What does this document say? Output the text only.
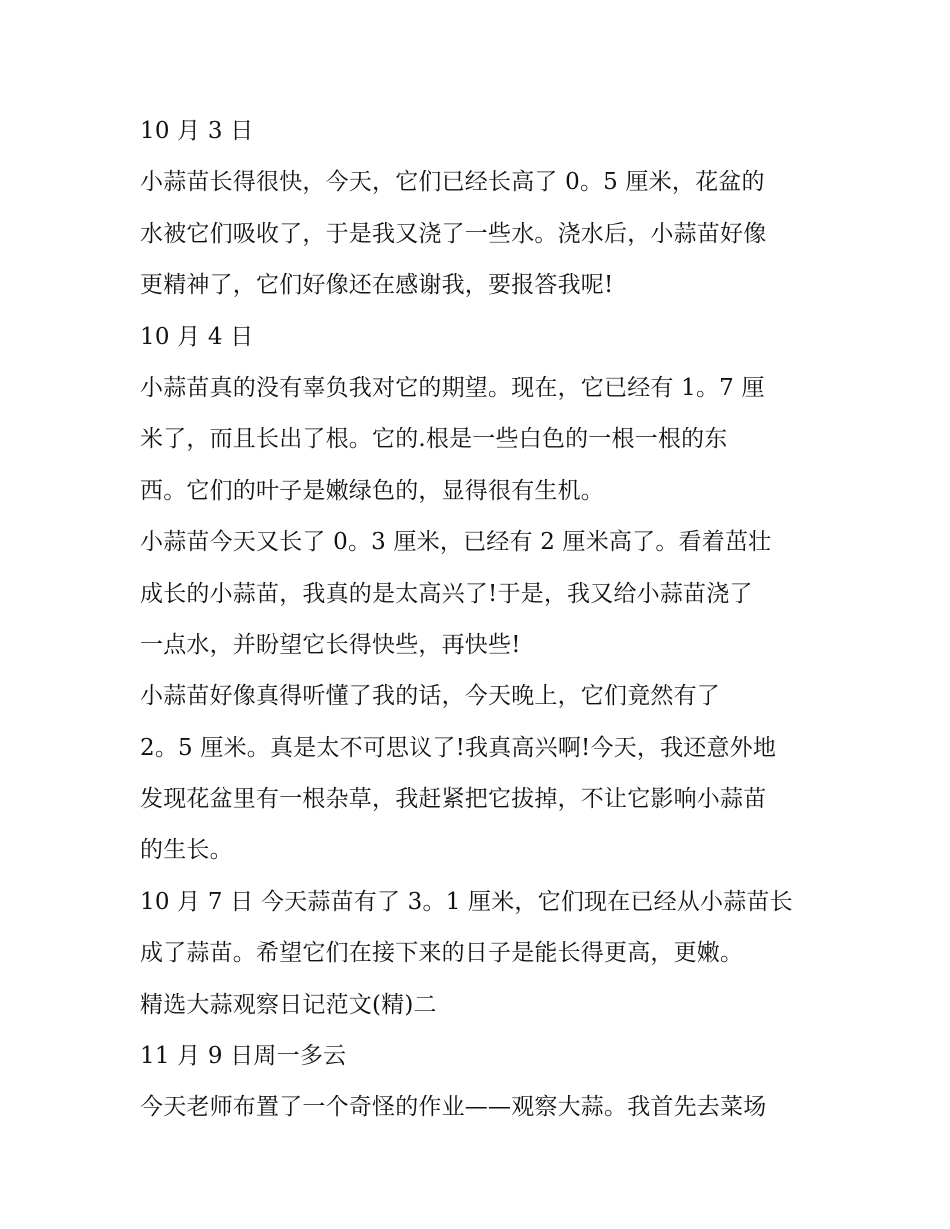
10 月 3 日
小蒜苗长得很快，今天，它们已经长高了 0。5 厘米，花盆的
水被它们吸收了，于是我又浇了一些水。浇水后，小蒜苗好像
更精神了，它们好像还在感谢我，要报答我呢!
10 月 4 日
小蒜苗真的没有辜负我对它的期望。现在，它已经有 1。7 厘
米了，而且长出了根。它的.根是一些白色的一根一根的东
西。它们的叶子是嫩绿色的，显得很有生机。
小蒜苗今天又长了 0。3 厘米，已经有 2 厘米高了。看着茁壮
成长的小蒜苗，我真的是太高兴了!于是，我又给小蒜苗浇了
一点水，并盼望它长得快些，再快些!
小蒜苗好像真得听懂了我的话，今天晚上，它们竟然有了
2。5 厘米。真是太不可思议了!我真高兴啊!今天，我还意外地
发现花盆里有一根杂草，我赶紧把它拔掉，不让它影响小蒜苗
的生长。
10 月 7 日 今天蒜苗有了 3。1 厘米，它们现在已经从小蒜苗长
成了蒜苗。希望它们在接下来的日子是能长得更高，更嫩。
精选大蒜观察日记范文(精)二
11 月 9 日周一多云
今天老师布置了一个奇怪的作业——观察大蒜。我首先去菜场
